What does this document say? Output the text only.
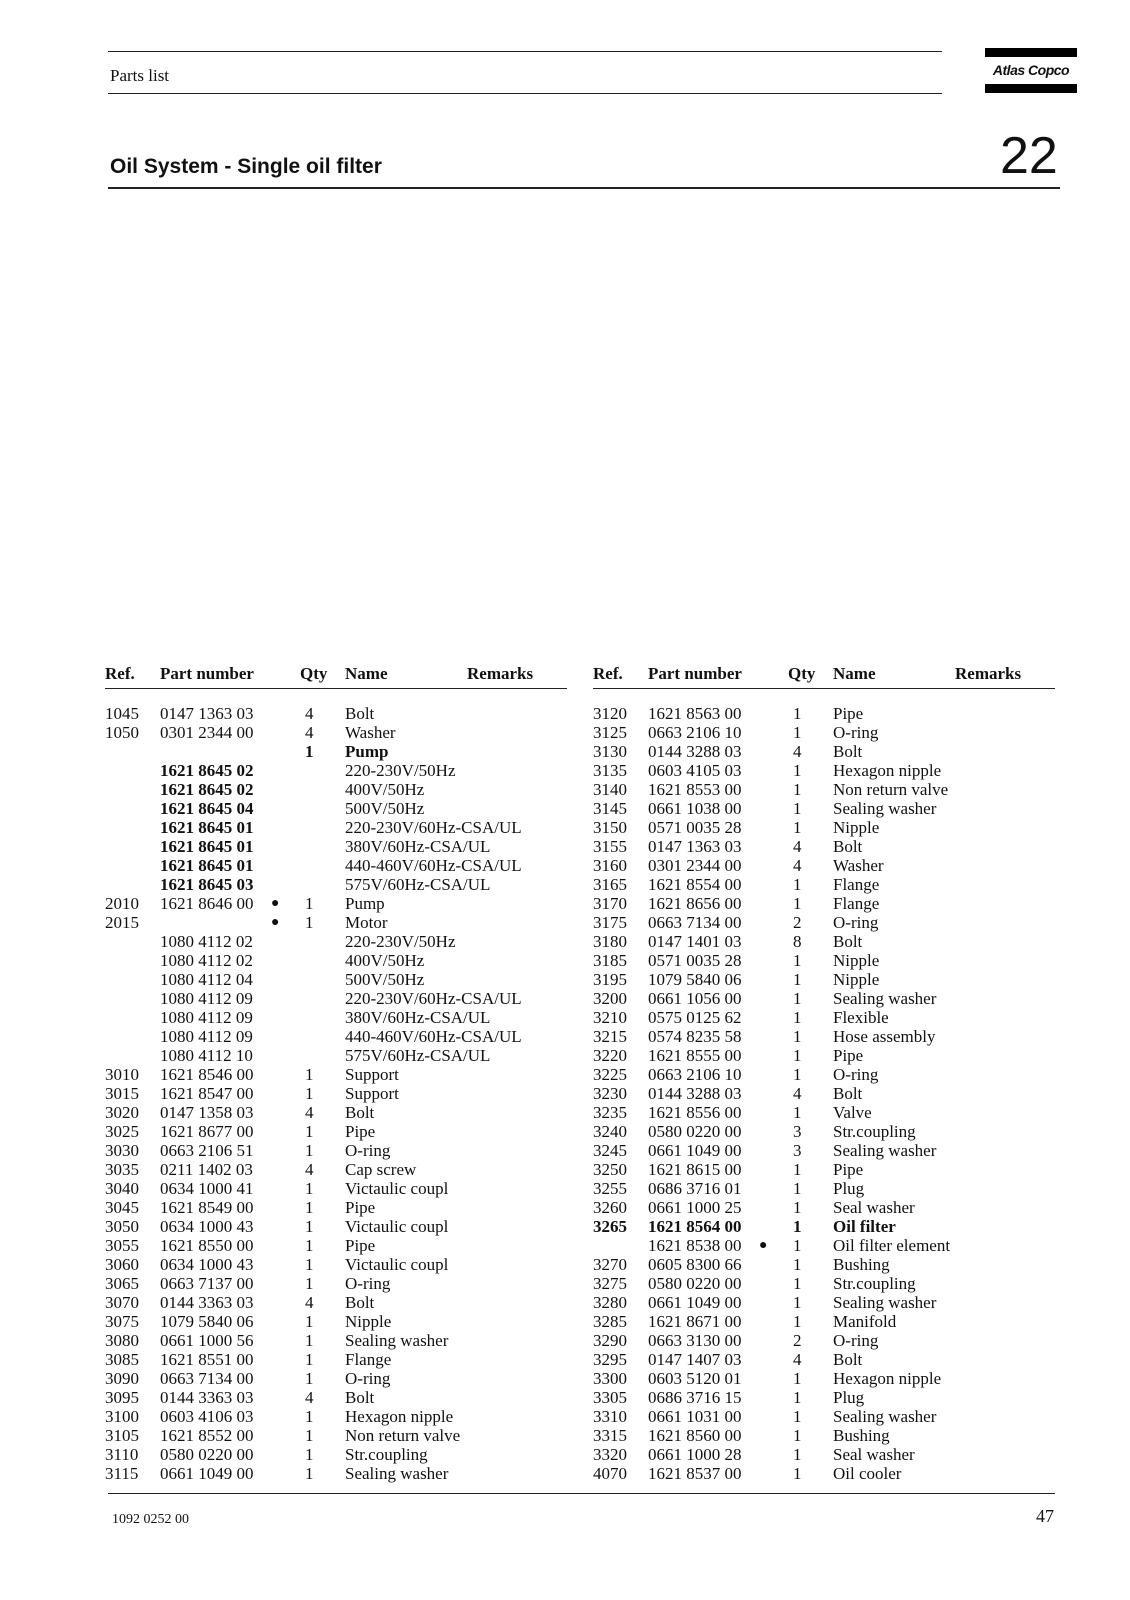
Parts list	Atlas Copco
Oil System - Single oil filter	22
Ref. Part number	Qty Name	Remarks
1045 0147 1363 03	4 Bolt
1050 0301 2344 00	4 Washer
1 Pump
1621 8645 02	220-230V/50Hz
1621 8645 02	400V/50Hz
1621 8645 04	500V/50Hz
1621 8645 01	220-230V/60Hz-CSA/UL
1621 8645 01	380V/60Hz-CSA/UL
1621 8645 01	440-460V/60Hz-CSA/UL
1621 8645 03	575V/60Hz-CSA/UL
2010 1621 8646 00 ● 1 Pump
2015	● 1 Motor
1080 4112 02	220-230V/50Hz
1080 4112 02	400V/50Hz
1080 4112 04	500V/50Hz
1080 4112 09	220-230V/60Hz-CSA/UL
1080 4112 09	380V/60Hz-CSA/UL
1080 4112 09	440-460V/60Hz-CSA/UL
1080 4112 10	575V/60Hz-CSA/UL
3010 1621 8546 00	1 Support
3015 1621 8547 00	1 Support
3020 0147 1358 03	4 Bolt
3025 1621 8677 00	1 Pipe
3030 0663 2106 51	1 O-ring
3035 0211 1402 03	4 Cap screw
3040 0634 1000 41	1 Victaulic coupl
3045 1621 8549 00	1 Pipe
3050 0634 1000 43	1 Victaulic coupl
3055 1621 8550 00	1 Pipe
3060 0634 1000 43	1 Victaulic coupl
3065 0663 7137 00	1 O-ring
3070 0144 3363 03	4 Bolt
3075 1079 5840 06	1 Nipple
3080 0661 1000 56	1 Sealing washer
3085 1621 8551 00	1 Flange
3090 0663 7134 00	1 O-ring
3095 0144 3363 03	4 Bolt
3100 0603 4106 03	1 Hexagon nipple
3105 1621 8552 00	1 Non return valve
3110 0580 0220 00	1 Str.coupling
3115 0661 1049 00	1 Sealing washer
Ref. Part number	Qty Name	Remarks
3120 1621 8563 00	1 Pipe
3125 0663 2106 10	1 O-ring
3130 0144 3288 03	4 Bolt
3135 0603 4105 03	1 Hexagon nipple
3140 1621 8553 00	1 Non return valve
3145 0661 1038 00	1 Sealing washer
3150 0571 0035 28	1 Nipple
3155 0147 1363 03	4 Bolt
3160 0301 2344 00	4 Washer
3165 1621 8554 00	1 Flange
3170 1621 8656 00	1 Flange
3175 0663 7134 00	2 O-ring
3180 0147 1401 03	8 Bolt
3185 0571 0035 28	1 Nipple
3195 1079 5840 06	1 Nipple
3200 0661 1056 00	1 Sealing washer
3210 0575 0125 62	1 Flexible
3215 0574 8235 58	1 Hose assembly
3220 1621 8555 00	1 Pipe
3225 0663 2106 10	1 O-ring
3230 0144 3288 03	4 Bolt
3235 1621 8556 00	1 Valve
3240 0580 0220 00	3 Str.coupling
3245 0661 1049 00	3 Sealing washer
3250 1621 8615 00	1 Pipe
3255 0686 3716 01	1 Plug
3260 0661 1000 25	1 Seal washer
3265 1621 8564 00	1 Oil filter
1621 8538 00 ● 1 Oil filter element
3270 0605 8300 66	1 Bushing
3275 0580 0220 00	1 Str.coupling
3280 0661 1049 00	1 Sealing washer
3285 1621 8671 00	1 Manifold
3290 0663 3130 00	2 O-ring
3295 0147 1407 03	4 Bolt
3300 0603 5120 01	1 Hexagon nipple
3305 0686 3716 15	1 Plug
3310 0661 1031 00	1 Sealing washer
3315 1621 8560 00	1 Bushing
3320 0661 1000 28	1 Seal washer
4070 1621 8537 00	1 Oil cooler
1092 0252 00	47
